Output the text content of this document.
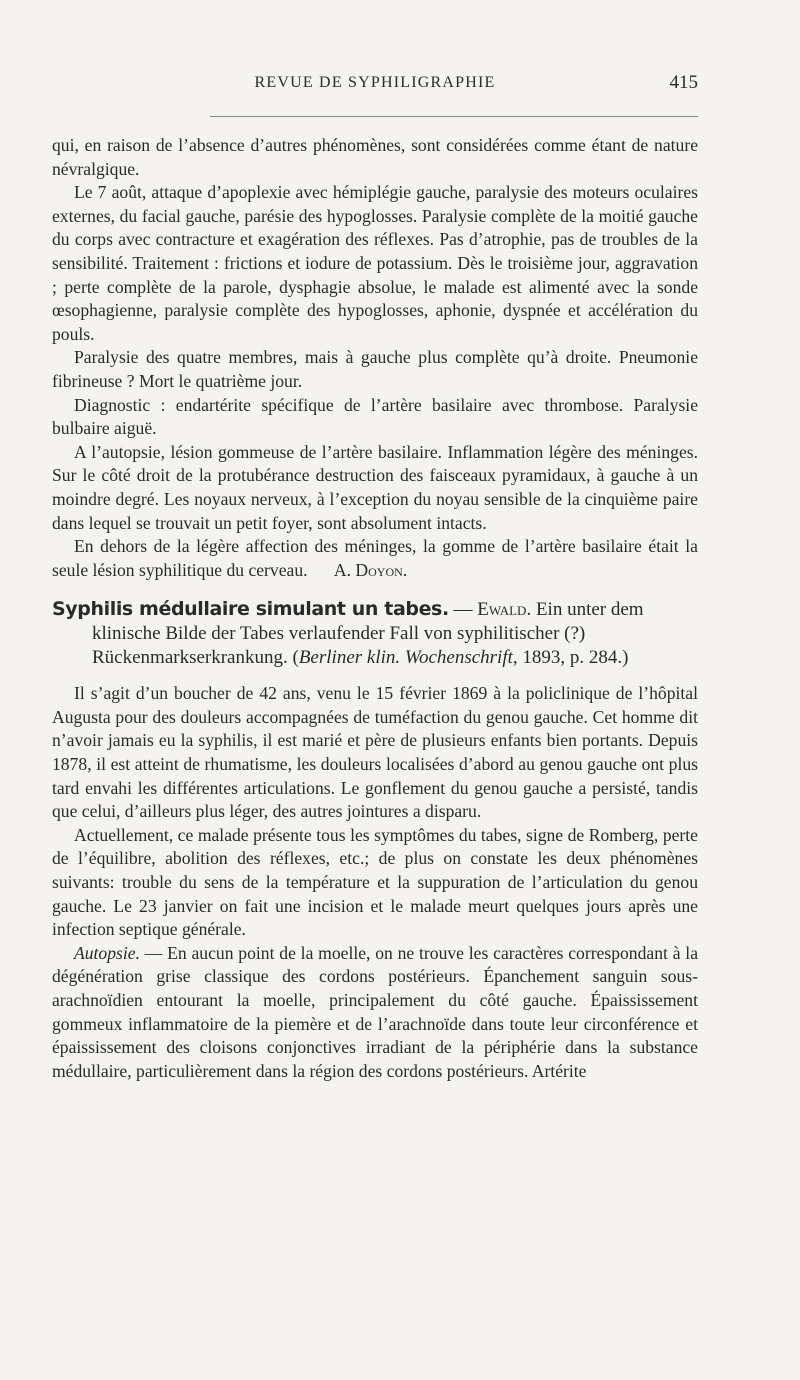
REVUE DE SYPHILIGRAPHIE	415

qui, en raison de l’absence d’autres phénomènes, sont considérées comme étant de nature névralgique.

Le 7 août, attaque d’apoplexie avec hémiplégie gauche, paralysie des moteurs oculaires externes, du facial gauche, parésie des hypoglosses. Paralysie complète de la moitié gauche du corps avec contracture et exagération des réflexes. Pas d’atrophie, pas de troubles de la sensibilité. Traitement : frictions et iodure de potassium. Dès le troisième jour, aggravation ; perte complète de la parole, dysphagie absolue, le malade est alimenté avec la sonde œsophagienne, paralysie complète des hypoglosses, aphonie, dyspnée et accélération du pouls.

Paralysie des quatre membres, mais à gauche plus complète qu’à droite. Pneumonie fibrineuse ? Mort le quatrième jour.

Diagnostic : endartérite spécifique de l’artère basilaire avec thrombose. Paralysie bulbaire aiguë.

A l’autopsie, lésion gommeuse de l’artère basilaire. Inflammation légère des méninges. Sur le côté droit de la protubérance destruction des faisceaux pyramidaux, à gauche à un moindre degré. Les noyaux nerveux, à l’exception du noyau sensible de la cinquième paire dans lequel se trouvait un petit foyer, sont absolument intacts.

En dehors de la légère affection des méninges, la gomme de l’artère basilaire était la seule lésion syphilitique du cerveau. A. Doyon.

Syphilis médullaire simulant un tabes. — Ewald. Ein unter dem klinische Bilde der Tabes verlaufender Fall von syphilitischer (?) Rückenmarkserkrankung. (Berliner klin. Wochenschrift, 1893, p. 284.)

Il s’agit d’un boucher de 42 ans, venu le 15 février 1869 à la policlinique de l’hôpital Augusta pour des douleurs accompagnées de tuméfaction du genou gauche. Cet homme dit n’avoir jamais eu la syphilis, il est marié et père de plusieurs enfants bien portants. Depuis 1878, il est atteint de rhumatisme, les douleurs localisées d’abord au genou gauche ont plus tard envahi les différentes articulations. Le gonflement du genou gauche a persisté, tandis que celui, d’ailleurs plus léger, des autres jointures a disparu.

Actuellement, ce malade présente tous les symptômes du tabes, signe de Romberg, perte de l’équilibre, abolition des réflexes, etc.; de plus on constate les deux phénomènes suivants: trouble du sens de la température et la suppuration de l’articulation du genou gauche. Le 23 janvier on fait une incision et le malade meurt quelques jours après une infection septique générale.

Autopsie. — En aucun point de la moelle, on ne trouve les caractères correspondant à la dégénération grise classique des cordons postérieurs. Épanchement sanguin sous-arachnoïdien entourant la moelle, principalement du côté gauche. Épaississement gommeux inflammatoire de la piemère et de l’arachnoïde dans toute leur circonférence et épaississement des cloisons conjonctives irradiant de la périphérie dans la substance médullaire, particulièrement dans la région des cordons postérieurs. Artérite
